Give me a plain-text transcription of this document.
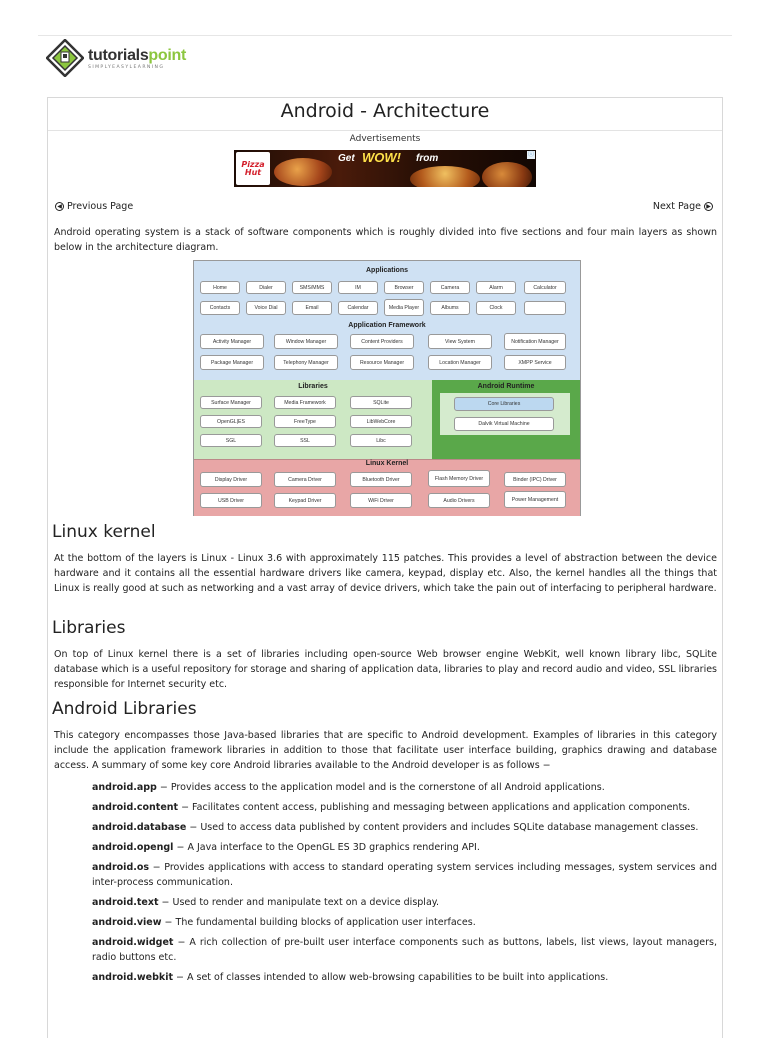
tutorialspoint
SIMPLYEASYLEARNING
Android - Architecture
Advertisements
Pizza Hut
Get WOW! from	ⓘ
◀ Previous Page	Next Page ▶
Android operating system is a stack of software components which is roughly divided into five sections and four main layers as shown below in the architecture diagram.
Applications
Home	Dialer	SMS/MMS	IM	Browser	Camera	Alarm	Calculator
Contacts	Voice Dial	Email	Calendar	Media Player	Albums	Clock
Application Framework
Activity Manager	Window Manager	Content Providers	View System	Notification Manager
Package Manager	Telephony Manager	Resource Manager	Location Manager	XMPP Service
Libraries
Surface Manager	Media Framework	SQLite
OpenGL|ES	FreeType	LibWebCore
SGL	SSL	Libc
Android Runtime
Core Libraries
Dalvik Virtual Machine
Linux Kernel
Display Driver	Camera Driver	Bluetooth Driver	Flash Memory Driver	Binder (IPC) Driver
USB Driver	Keypad Driver	WiFi Driver	Audio Drivers	Power Management
Linux kernel
At the bottom of the layers is Linux - Linux 3.6 with approximately 115 patches. This provides a level of abstraction between the device hardware and it contains all the essential hardware drivers like camera, keypad, display etc. Also, the kernel handles all the things that Linux is really good at such as networking and a vast array of device drivers, which take the pain out of interfacing to peripheral hardware.
Libraries
On top of Linux kernel there is a set of libraries including open-source Web browser engine WebKit, well known library libc, SQLite database which is a useful repository for storage and sharing of application data, libraries to play and record audio and video, SSL libraries responsible for Internet security etc.
Android Libraries
This category encompasses those Java-based libraries that are specific to Android development. Examples of libraries in this category include the application framework libraries in addition to those that facilitate user interface building, graphics drawing and database access. A summary of some key core Android libraries available to the Android developer is as follows −
android.app − Provides access to the application model and is the cornerstone of all Android applications.
android.content − Facilitates content access, publishing and messaging between applications and application components.
android.database − Used to access data published by content providers and includes SQLite database management classes.
android.opengl − A Java interface to the OpenGL ES 3D graphics rendering API.
android.os − Provides applications with access to standard operating system services including messages, system services and inter-process communication.
android.text − Used to render and manipulate text on a device display.
android.view − The fundamental building blocks of application user interfaces.
android.widget − A rich collection of pre-built user interface components such as buttons, labels, list views, layout managers, radio buttons etc.
android.webkit − A set of classes intended to allow web-browsing capabilities to be built into applications.
